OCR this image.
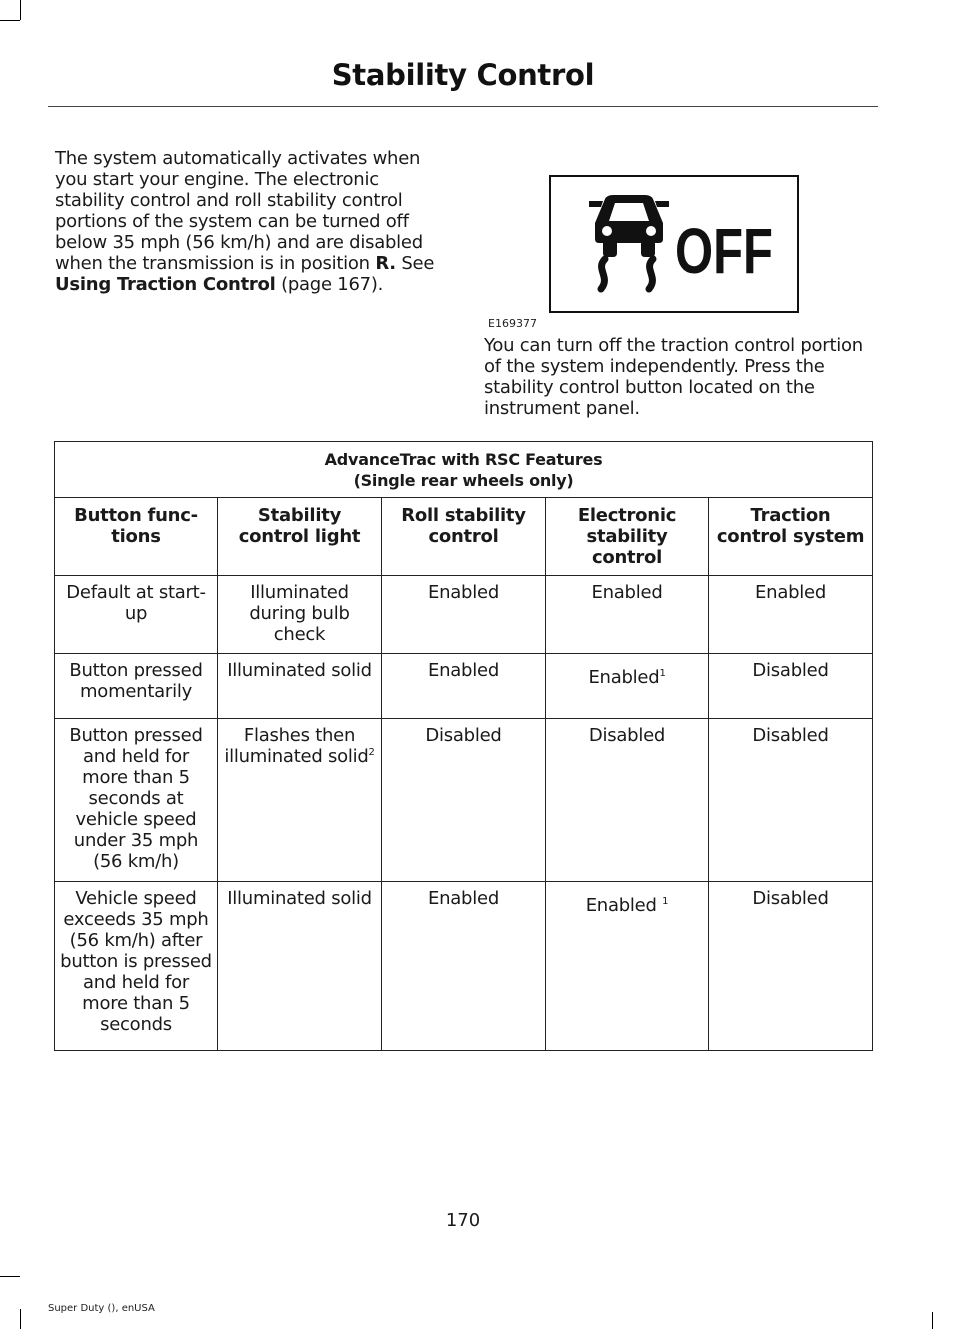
Stability Control
The system automatically activates when you start your engine. The electronic stability control and roll stability control portions of the system can be turned off below 35 mph (56 km/h) and are disabled when the transmission is in position R. See Using Traction Control (page 167).	OFF
E169377
You can turn off the traction control portion of the system independently. Press the stability control button located on the instrument panel.
AdvanceTrac with RSC Features
(Single rear wheels only)				

Button func-tions	Stability control light	Roll stability control	Electronic stability control	Traction control system
Default at start-up	Illuminated during bulb check	Enabled	Enabled	Enabled
Button pressed momentarily	Illuminated solid	Enabled	Enabled$^1$	Disabled
Button pressed and held for more than 5 seconds at vehicle speed under 35 mph (56 km/h)	Flashes then illuminated solid$^2$	Disabled	Disabled	Disabled
Vehicle speed exceeds 35 mph (56 km/h) after button is pressed and held for more than 5 seconds	Illuminated solid	Enabled	Enabled $^1$	Disabled
170
Super Duty (), enUSA
